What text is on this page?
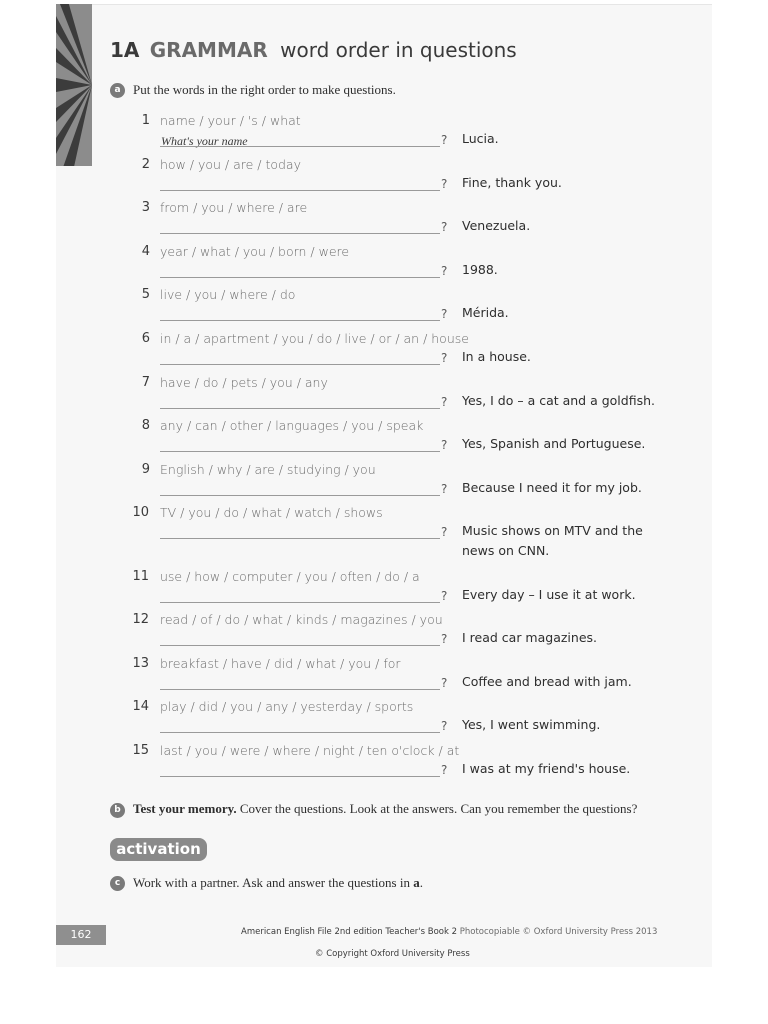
1A GRAMMAR word order in questions
a Put the words in the right order to make questions.
1 name / your / 's / what
What's your name	? Lucia.
2 how / you / are / today
? Fine, thank you.
3 from / you / where / are
? Venezuela.
4 year / what / you / born / were
? 1988.
5 live / you / where / do
? Mérida.
6 in / a / apartment / you / do / live / or / an / house
? In a house.
7 have / do / pets / you / any
? Yes, I do – a cat and a goldfish.
8 any / can / other / languages / you / speak
? Yes, Spanish and Portuguese.
9 English / why / are / studying / you
? Because I need it for my job.
10 TV / you / do / what / watch / shows
? Music shows on MTV and the news on CNN.
11 use / how / computer / you / often / do / a
? Every day – I use it at work.
12 read / of / do / what / kinds / magazines / you
? I read car magazines.
13 breakfast / have / did / what / you / for
? Coffee and bread with jam.
14 play / did / you / any / yesterday / sports
? Yes, I went swimming.
15 last / you / were / where / night / ten o'clock / at
? I was at my friend's house.
b Test your memory. Cover the questions. Look at the answers. Can you remember the questions?
activation
c Work with a partner. Ask and answer the questions in a.
162	American English File 2nd edition Teacher's Book 2 Photocopiable © Oxford University Press 2013
© Copyright Oxford University Press
